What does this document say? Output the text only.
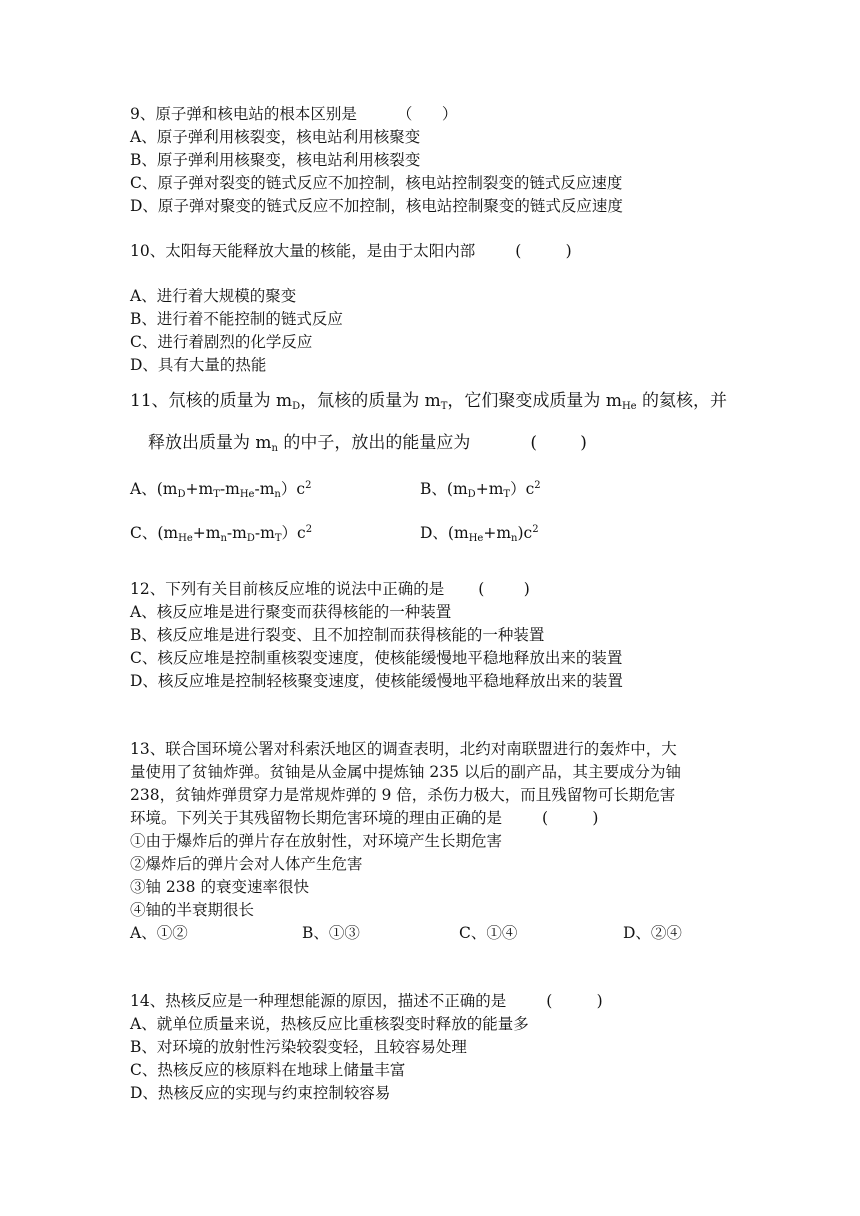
9、原子弹和核电站的根本区别是	（      ）
A、原子弹利用核裂变，核电站利用核聚变
B、原子弹利用核聚变，核电站利用核裂变
C、原子弹对裂变的链式反应不加控制，核电站控制裂变的链式反应速度
D、原子弹对聚变的链式反应不加控制，核电站控制聚变的链式反应速度
10、太阳每天能释放大量的核能，是由于太阳内部	(         )
A、进行着大规模的聚变
B、进行着不能控制的链式反应
C、进行着剧烈的化学反应
D、具有大量的热能
11、氘核的质量为 $m_D$，氚核的质量为 $m_T$，它们聚变成质量为 $m_{He}$ 的氦核，并
释放出质量为 $m_n$ 的中子，放出的能量应为	(        )
A、$(m_D+m_T-m_{He}-m_n)c^2$	B、$(m_D+m_T)c^2$
C、$(m_{He}+m_n-m_D-m_T)c^2$	D、$(m_{He}+m_n)c^2$
12、下列有关目前核反应堆的说法中正确的是 (        )
A、核反应堆是进行聚变而获得核能的一种装置
B、核反应堆是进行裂变、且不加控制而获得核能的一种装置
C、核反应堆是控制重核裂变速度，使核能缓慢地平稳地释放出来的装置
D、核反应堆是控制轻核聚变速度，使核能缓慢地平稳地释放出来的装置
13、联合国环境公署对科索沃地区的调查表明，北约对南联盟进行的轰炸中，大
量使用了贫铀炸弹。贫铀是从金属中提炼铀 235 以后的副产品，其主要成分为铀
238，贫铀炸弹贯穿力是常规炸弹的 9 倍，杀伤力极大，而且残留物可长期危害
环境。下列关于其残留物长期危害环境的理由正确的是	(         )
①由于爆炸后的弹片存在放射性，对环境产生长期危害
②爆炸后的弹片会对人体产生危害
③铀 238 的衰变速率很快
④铀的半衰期很长
A、①②	B、①③	C、①④	D、②④
14、热核反应是一种理想能源的原因，描述不正确的是	(         )
A、就单位质量来说，热核反应比重核裂变时释放的能量多
B、对环境的放射性污染较裂变轻，且较容易处理
C、热核反应的核原料在地球上储量丰富
D、热核反应的实现与约束控制较容易
